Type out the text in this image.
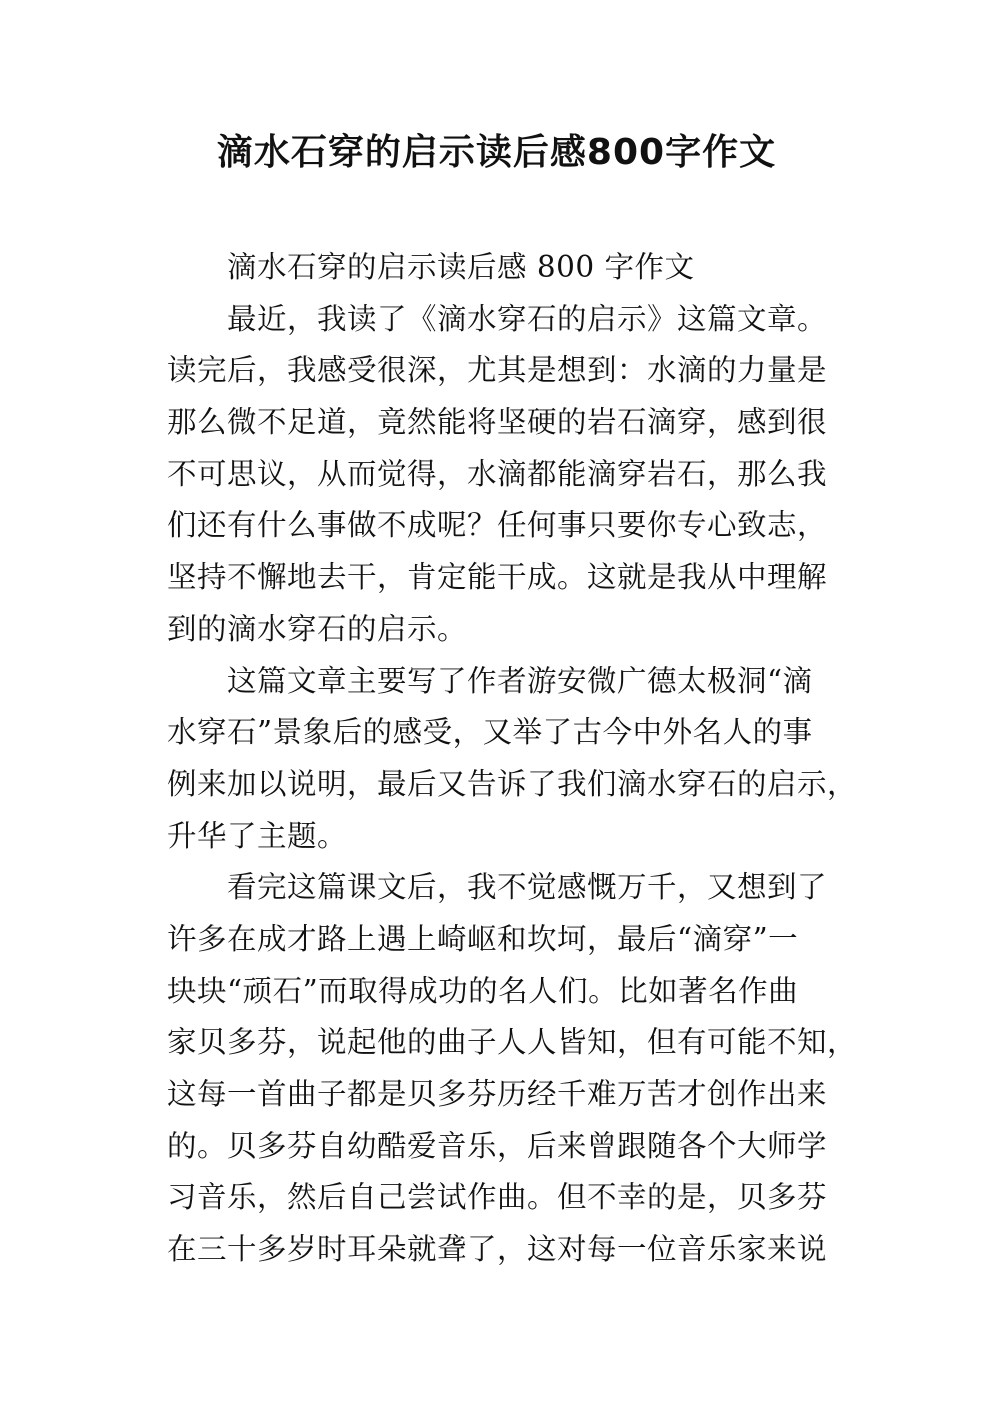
滴水石穿的启示读后感800字作文
滴水石穿的启示读后感 800 字作文
最近，我读了《滴水穿石的启示》这篇文章。
读完后，我感受很深，尤其是想到：水滴的力量是
那么微不足道，竟然能将坚硬的岩石滴穿，感到很
不可思议，从而觉得，水滴都能滴穿岩石，那么我
们还有什么事做不成呢？任何事只要你专心致志，
坚持不懈地去干，肯定能干成。这就是我从中理解
到的滴水穿石的启示。
这篇文章主要写了作者游安微广德太极洞“滴
水穿石”景象后的感受，又举了古今中外名人的事
例来加以说明，最后又告诉了我们滴水穿石的启示，
升华了主题。
看完这篇课文后，我不觉感慨万千，又想到了
许多在成才路上遇上崎岖和坎坷，最后“滴穿”一
块块“顽石”而取得成功的名人们。比如著名作曲
家贝多芬，说起他的曲子人人皆知，但有可能不知，
这每一首曲子都是贝多芬历经千难万苦才创作出来
的。贝多芬自幼酷爱音乐，后来曾跟随各个大师学
习音乐，然后自己尝试作曲。但不幸的是，贝多芬
在三十多岁时耳朵就聋了，这对每一位音乐家来说
